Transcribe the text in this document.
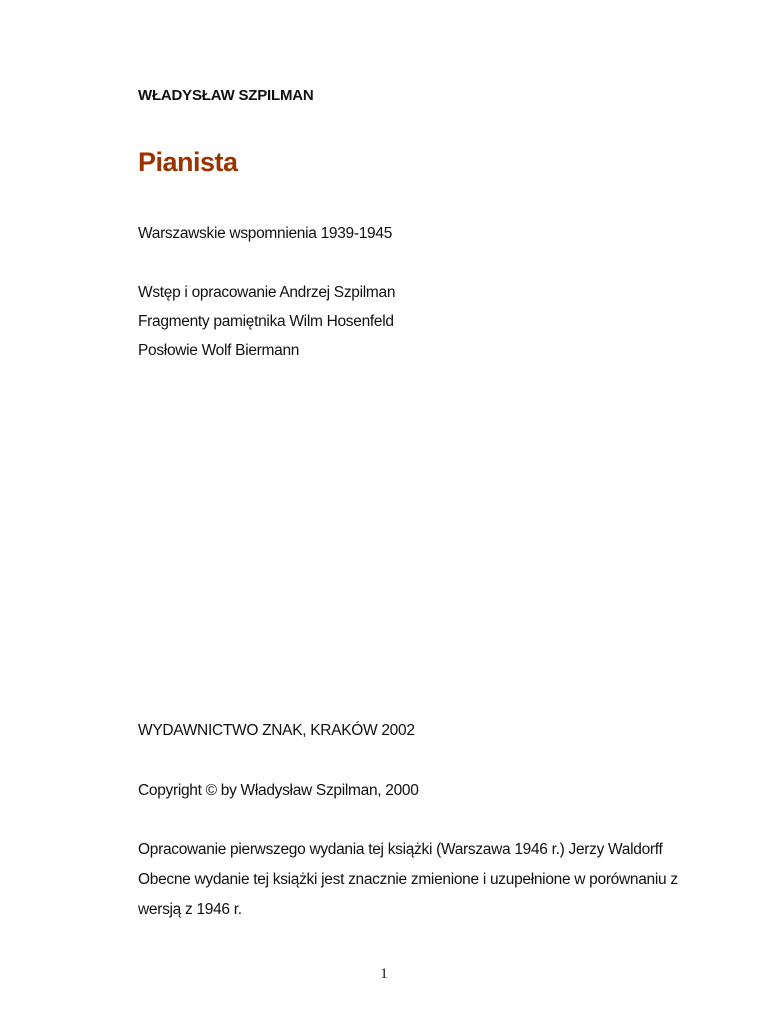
WŁADYSŁAW SZPILMAN
Pianista
Warszawskie wspomnienia 1939-1945
Wstęp i opracowanie Andrzej Szpilman
Fragmenty pamiętnika Wilm Hosenfeld
Posłowie Wolf Biermann
WYDAWNICTWO ZNAK, KRAKÓW 2002
Copyright © by Władysław Szpilman, 2000
Opracowanie pierwszego wydania tej książki (Warszawa 1946 r.) Jerzy Waldorff
Obecne wydanie tej książki jest znacznie zmienione i uzupełnione w porównaniu z
wersją z 1946 r.
1
